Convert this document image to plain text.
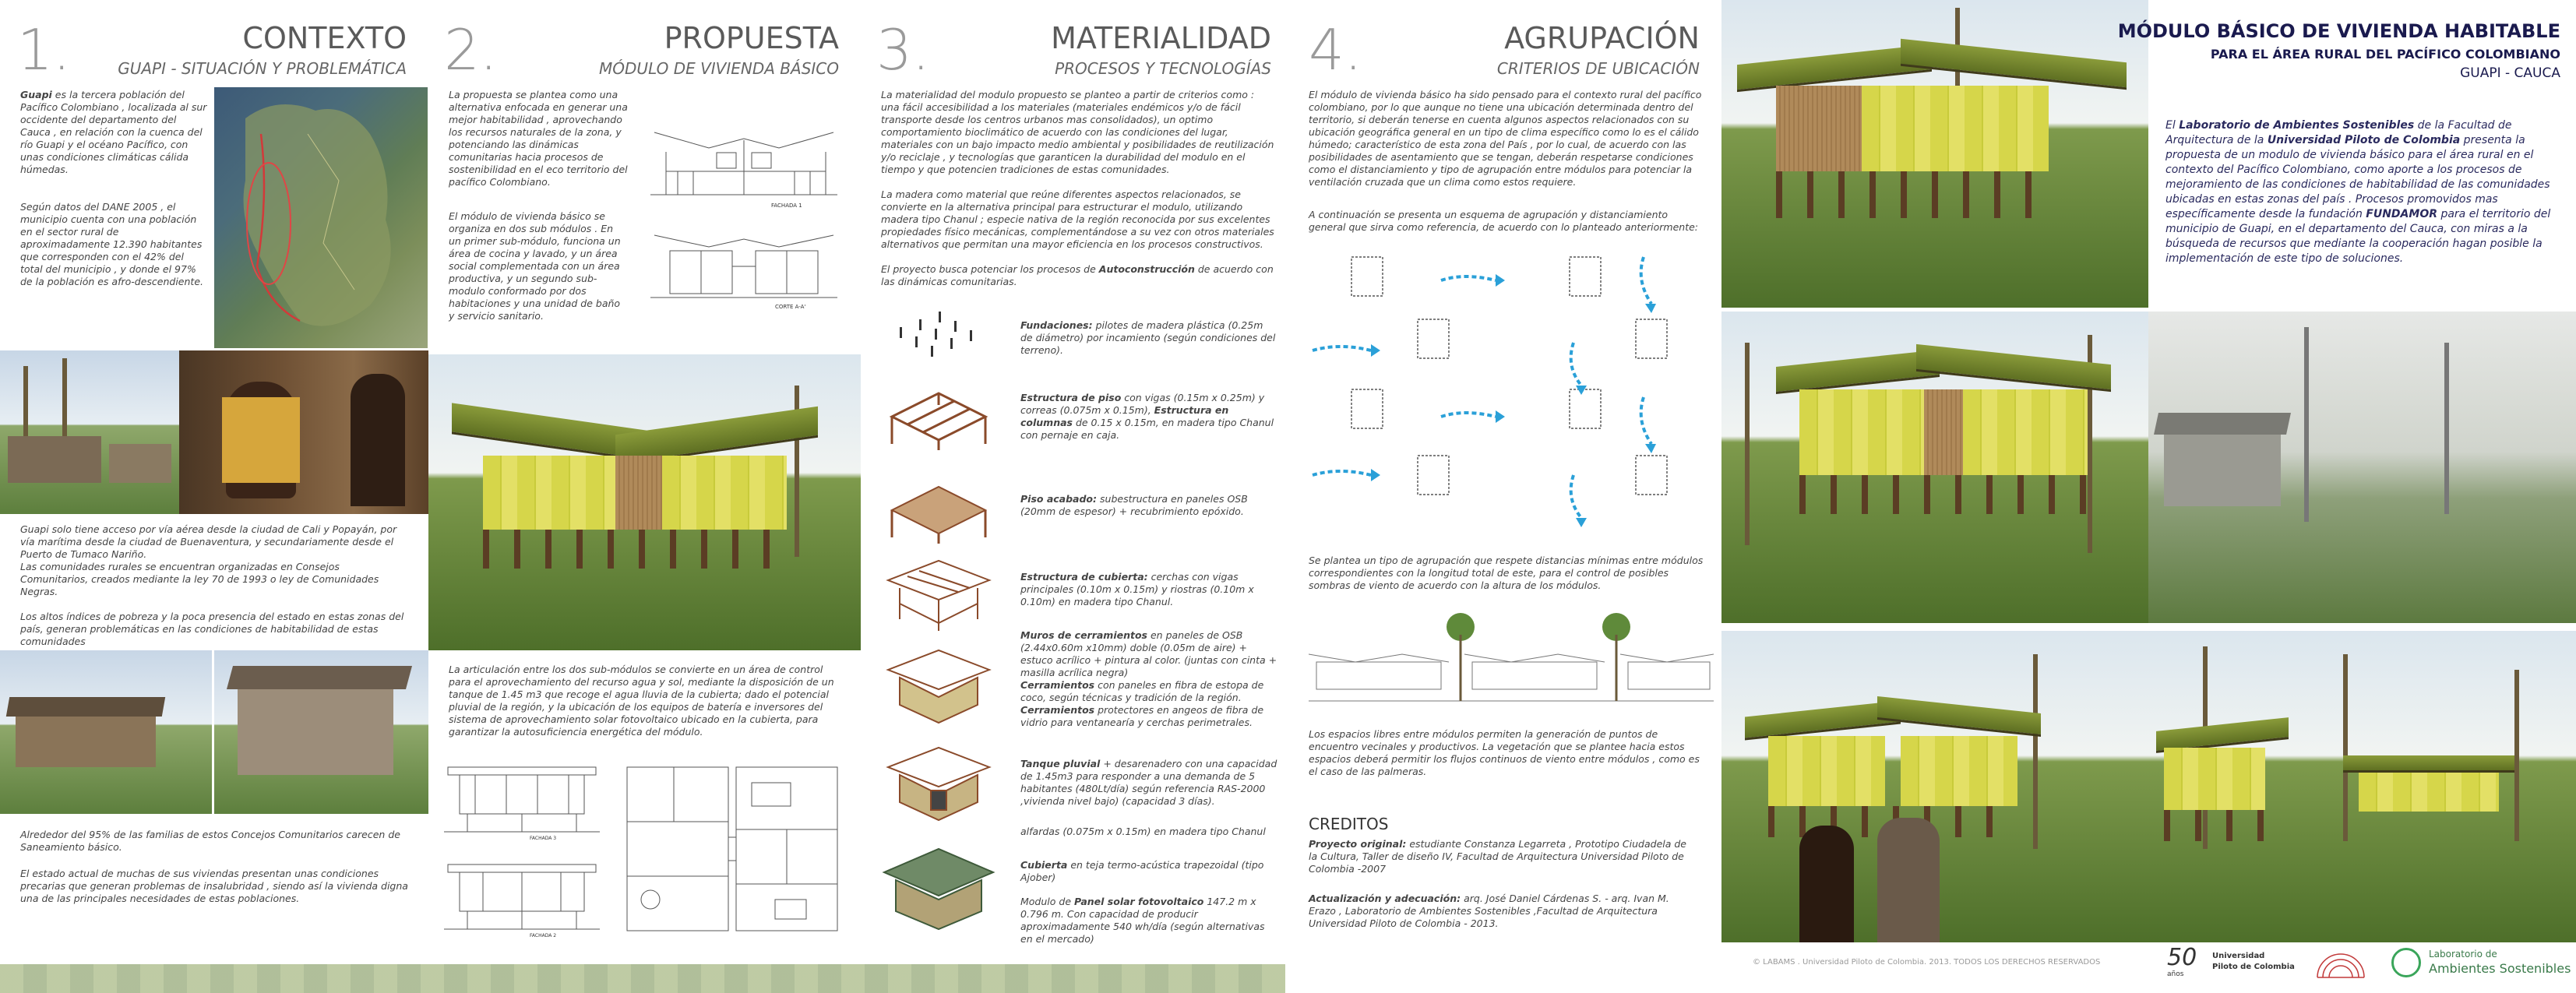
1.	CONTEXTO
GUAPI - SITUACIÓN Y PROBLEMÁTICA
Guapi es la tercera población del Pacífico Colombiano , localizada al sur occidente del departamento del Cauca , en relación con la cuenca del río Guapi y el océano Pacífico, con unas condiciones climáticas cálida húmedas.
Según datos del DANE 2005 , el municipio cuenta con una población en el sector rural de aproximadamente 12.390 habitantes que corresponden con el 42% del total del municipio , y donde el 97% de la población es afro-descendiente.
Guapi solo tiene acceso por vía aérea desde la ciudad de Cali y Popayán, por vía marítima desde la ciudad de Buenaventura, y secundariamente desde el Puerto de Tumaco Nariño.
Las comunidades rurales se encuentran organizadas en Consejos Comunitarios, creados mediante la ley 70 de 1993 o ley de Comunidades Negras.

Los altos índices de pobreza y la poca presencia del estado en estas zonas del país, generan problemáticas en las condiciones de habitabilidad de estas comunidades
Alrededor del 95% de las familias de estos Concejos Comunitarios carecen de Saneamiento básico.
El estado actual de muchas de sus viviendas presentan unas condiciones precarias que generan problemas de insalubridad , siendo así la vivienda digna una de las principales necesidades de estas poblaciones.
2.	PROPUESTA
MÓDULO DE VIVIENDA BÁSICO
La propuesta se plantea como una alternativa enfocada en generar una mejor habitabilidad , aprovechando los recursos naturales de la zona, y potenciando las dinámicas comunitarias hacia procesos de sostenibilidad en el eco territorio del pacífico Colombiano.
El módulo de vivienda básico se organiza en dos sub módulos . En un primer sub-módulo, funciona un área de cocina y lavado, y un área social complementada con un área productiva, y un segundo sub-modulo conformado por dos habitaciones y una unidad de baño y servicio sanitario.
FACHADA 1
CORTE A-A'
La articulación entre los dos sub-módulos se convierte en un área de control para el aprovechamiento del recurso agua y sol, mediante la disposición de un tanque de 1.45 m3 que recoge el agua lluvia de la cubierta; dado el potencial pluvial de la región, y la ubicación de los equipos de batería e inversores del sistema de aprovechamiento solar fotovoltaico ubicado en la cubierta, para garantizar la autosuficiencia energética del módulo.
FACHADA 3
FACHADA 2
3.	MATERIALIDAD
PROCESOS Y TECNOLOGÍAS
La materialidad del modulo propuesto se planteo a partir de criterios como : una fácil accesibilidad a los materiales (materiales endémicos y/o de fácil transporte desde los centros urbanos mas consolidados), un optimo comportamiento bioclimático de acuerdo con las condiciones del lugar, materiales con un bajo impacto medio ambiental y posibilidades de reutilización y/o reciclaje , y tecnologías que garanticen la durabilidad del modulo en el tiempo y que potencien tradiciones de estas comunidades.
La madera como material que reúne diferentes aspectos relacionados, se convierte en la alternativa principal para estructurar el modulo, utilizando madera tipo Chanul ; especie nativa de la región reconocida por sus excelentes propiedades físico mecánicas, complementándose a su vez con otros materiales alternativos que permitan una mayor eficiencia en los procesos constructivos.
El proyecto busca potenciar los procesos de Autoconstrucción de acuerdo con las dinámicas comunitarias.
Fundaciones: pilotes de madera plástica (0.25m de diámetro) por incamiento (según condiciones del terreno).
Estructura de piso con vigas (0.15m x 0.25m) y correas (0.075m x 0.15m), Estructura en columnas de 0.15 x 0.15m, en madera tipo Chanul con pernaje en caja.
Piso acabado: subestructura en paneles OSB (20mm de espesor) + recubrimiento epóxido.
Estructura de cubierta: cerchas con vigas principales (0.10m x 0.15m) y riostras (0.10m x 0.10m) en madera tipo Chanul.
Muros de cerramientos en paneles de OSB (2.44x0.60m x10mm) doble (0.05m de aire) + estuco acrílico + pintura al color. (juntas con cinta + masilla acrílica negra)
Cerramientos con paneles en fibra de estopa de coco, según técnicas y tradición de la región.
Cerramientos protectores en angeos de fibra de vidrio para ventanearía y cerchas perimetrales.
Tanque pluvial + desarenadero con una capacidad de 1.45m3 para responder a una demanda de 5 habitantes (480Lt/día) según referencia RAS-2000 ,vivienda nivel bajo) (capacidad 3 días).
alfardas (0.075m x 0.15m) en madera tipo Chanul
Cubierta en teja termo-acústica trapezoidal (tipo Ajober)
Modulo de Panel solar fotovoltaico 147.2 m x 0.796 m. Con capacidad de producir aproximadamente 540 wh/día (según alternativas en el mercado)
4.	AGRUPACIÓN
CRITERIOS DE UBICACIÓN
El módulo de vivienda básico ha sido pensado para el contexto rural del pacífico colombiano, por lo que aunque no tiene una ubicación determinada dentro del territorio, si deberán tenerse en cuenta algunos aspectos relacionados con su ubicación geográfica general en un tipo de clima específico como lo es el cálido húmedo; característico de esta zona del País , por lo cual, de acuerdo con las posibilidades de asentamiento que se tengan, deberán respetarse condiciones como el distanciamiento y tipo de agrupación entre módulos para potenciar la ventilación cruzada que un clima como estos requiere.
A continuación se presenta un esquema de agrupación y distanciamiento general que sirva como referencia, de acuerdo con lo planteado anteriormente:
Se plantea un tipo de agrupación que respete distancias mínimas entre módulos correspondientes con la longitud total de este, para el control de posibles sombras de viento de acuerdo con la altura de los módulos.
Los espacios libres entre módulos permiten la generación de puntos de encuentro vecinales y productivos. La vegetación que se plantee hacia estos espacios deberá permitir los flujos continuos de viento entre módulos , como es el caso de las palmeras.
CREDITOS
Proyecto original: estudiante Constanza Legarreta , Prototipo Ciudadela de la Cultura, Taller de diseño IV, Facultad de Arquitectura Universidad Piloto de Colombia -2007
Actualización y adecuación: arq. José Daniel Cárdenas S. - arq. Ivan M. Erazo , Laboratorio de Ambientes Sostenibles ,Facultad de Arquitectura Universidad Piloto de Colombia - 2013.
MÓDULO BÁSICO DE VIVIENDA HABITABLE
PARA EL ÁREA RURAL DEL PACÍFICO COLOMBIANO
GUAPI - CAUCA
El Laboratorio de Ambientes Sostenibles de la Facultad de Arquitectura de la Universidad Piloto de Colombia presenta la propuesta de un modulo de vivienda básico para el área rural en el contexto del Pacífico Colombiano, como aporte a los procesos de mejoramiento de las condiciones de habitabilidad de las comunidades ubicadas en estas zonas del país . Procesos promovidos mas específicamente desde la fundación FUNDAMOR para el territorio del municipio de Guapi, en el departamento del Cauca, con miras a la búsqueda de recursos que mediante la cooperación hagan posible la implementación de este tipo de soluciones.
© LABAMS . Universidad Piloto de Colombia. 2013. TODOS LOS DERECHOS RESERVADOS	50
años
Universidad
Piloto de Colombia
Laboratorio de
Ambientes Sostenibles
